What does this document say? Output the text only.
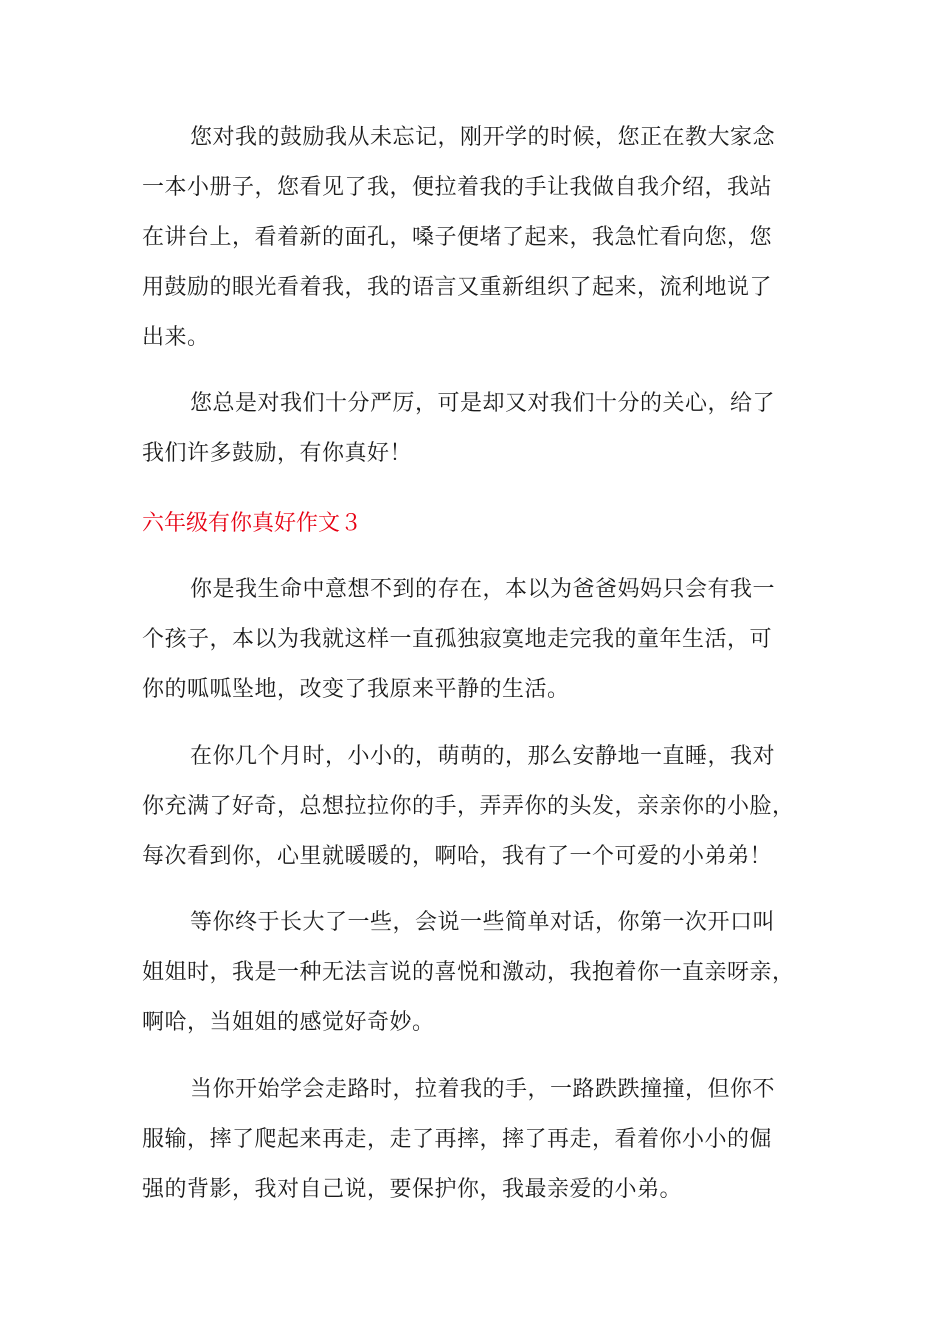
您对我的鼓励我从未忘记，刚开学的时候，您正在教大家念
一本小册子，您看见了我，便拉着我的手让我做自我介绍，我站
在讲台上，看着新的面孔，嗓子便堵了起来，我急忙看向您，您
用鼓励的眼光看着我，我的语言又重新组织了起来，流利地说了
出来。
您总是对我们十分严厉，可是却又对我们十分的关心，给了
我们许多鼓励，有你真好！
六年级有你真好作文３
你是我生命中意想不到的存在，本以为爸爸妈妈只会有我一
个孩子，本以为我就这样一直孤独寂寞地走完我的童年生活，可
你的呱呱坠地，改变了我原来平静的生活。
在你几个月时，小小的，萌萌的，那么安静地一直睡，我对
你充满了好奇，总想拉拉你的手，弄弄你的头发，亲亲你的小脸，
每次看到你，心里就暖暖的，啊哈，我有了一个可爱的小弟弟！
等你终于长大了一些，会说一些简单对话，你第一次开口叫
姐姐时，我是一种无法言说的喜悦和激动，我抱着你一直亲呀亲，
啊哈，当姐姐的感觉好奇妙。
当你开始学会走路时，拉着我的手，一路跌跌撞撞，但你不
服输，摔了爬起来再走，走了再摔，摔了再走，看着你小小的倔
强的背影，我对自己说，要保护你，我最亲爱的小弟。
